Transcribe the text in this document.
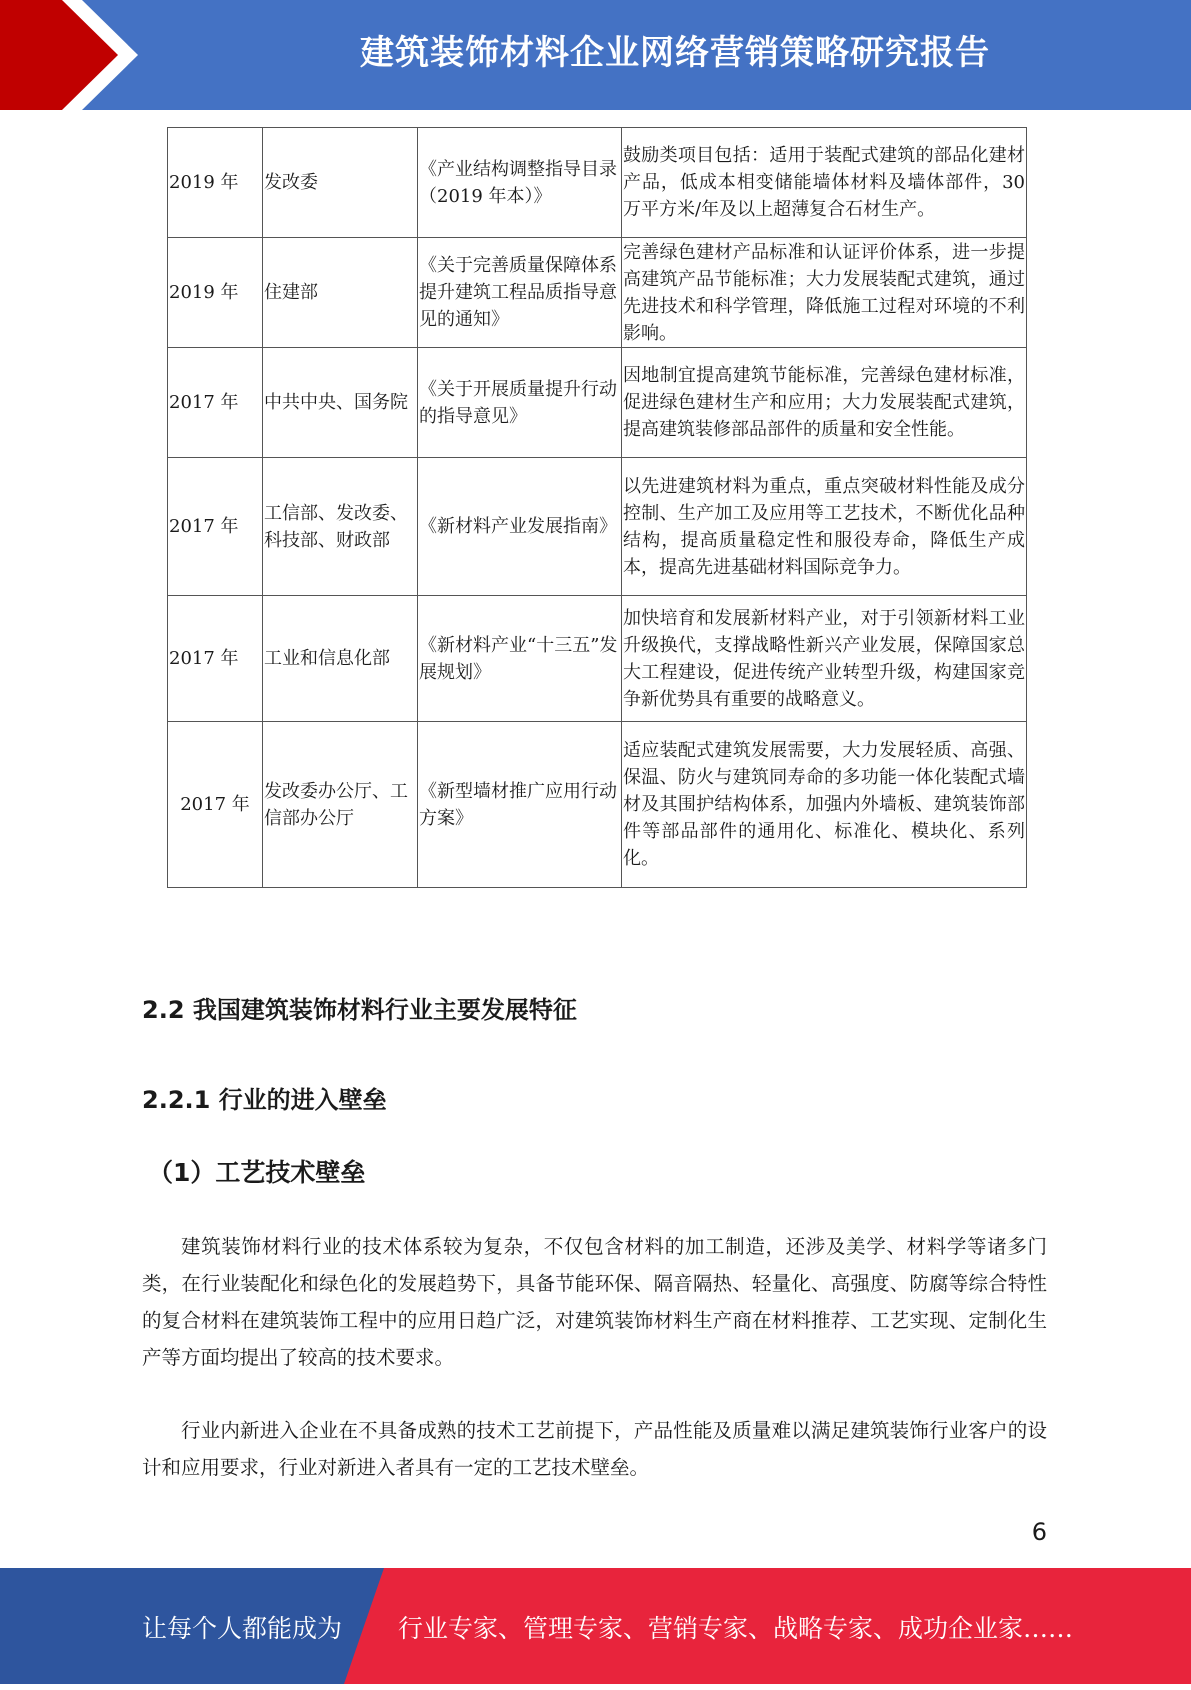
建筑装饰材料企业网络营销策略研究报告
2019 年	发改委	《产业结构调整指导目录（2019 年本）》	鼓励类项目包括：适用于装配式建筑的部品化建材产品，低成本相变储能墙体材料及墙体部件，30 万平方米/年及以上超薄复合石材生产。
2019 年	住建部	《关于完善质量保障体系提升建筑工程品质指导意见的通知》	完善绿色建材产品标准和认证评价体系，进一步提高建筑产品节能标准；大力发展装配式建筑，通过先进技术和科学管理，降低施工过程对环境的不利影响。
2017 年	中共中央、国务院	《关于开展质量提升行动的指导意见》	因地制宜提高建筑节能标准，完善绿色建材标准，促进绿色建材生产和应用；大力发展装配式建筑，提高建筑装修部品部件的质量和安全性能。
2017 年	工信部、发改委、科技部、财政部	《新材料产业发展指南》	以先进建筑材料为重点，重点突破材料性能及成分控制、生产加工及应用等工艺技术，不断优化品种结构，提高质量稳定性和服役寿命，降低生产成本，提高先进基础材料国际竞争力。
2017 年	工业和信息化部	《新材料产业“十三五”发展规划》	加快培育和发展新材料产业，对于引领新材料工业升级换代，支撑战略性新兴产业发展，保障国家总大工程建设，促进传统产业转型升级，构建国家竞争新优势具有重要的战略意义。
2017 年	发改委办公厅、工信部办公厅	《新型墙材推广应用行动方案》	适应装配式建筑发展需要，大力发展轻质、高强、保温、防火与建筑同寿命的多功能一体化装配式墙材及其围护结构体系，加强内外墙板、建筑装饰部件等部品部件的通用化、标准化、模块化、系列化。
2.2 我国建筑装饰材料行业主要发展特征
2.2.1 行业的进入壁垒
（1）工艺技术壁垒

建筑装饰材料行业的技术体系较为复杂，不仅包含材料的加工制造，还涉及美学、材料学等诸多门类，在行业装配化和绿色化的发展趋势下，具备节能环保、隔音隔热、轻量化、高强度、防腐等综合特性的复合材料在建筑装饰工程中的应用日趋广泛，对建筑装饰材料生产商在材料推荐、工艺实现、定制化生产等方面均提出了较高的技术要求。

行业内新进入企业在不具备成熟的技术工艺前提下，产品性能及质量难以满足建筑装饰行业客户的设计和应用要求，行业对新进入者具有一定的工艺技术壁垒。

6
让每个人都能成为 行业专家、管理专家、营销专家、战略专家、成功企业家……
